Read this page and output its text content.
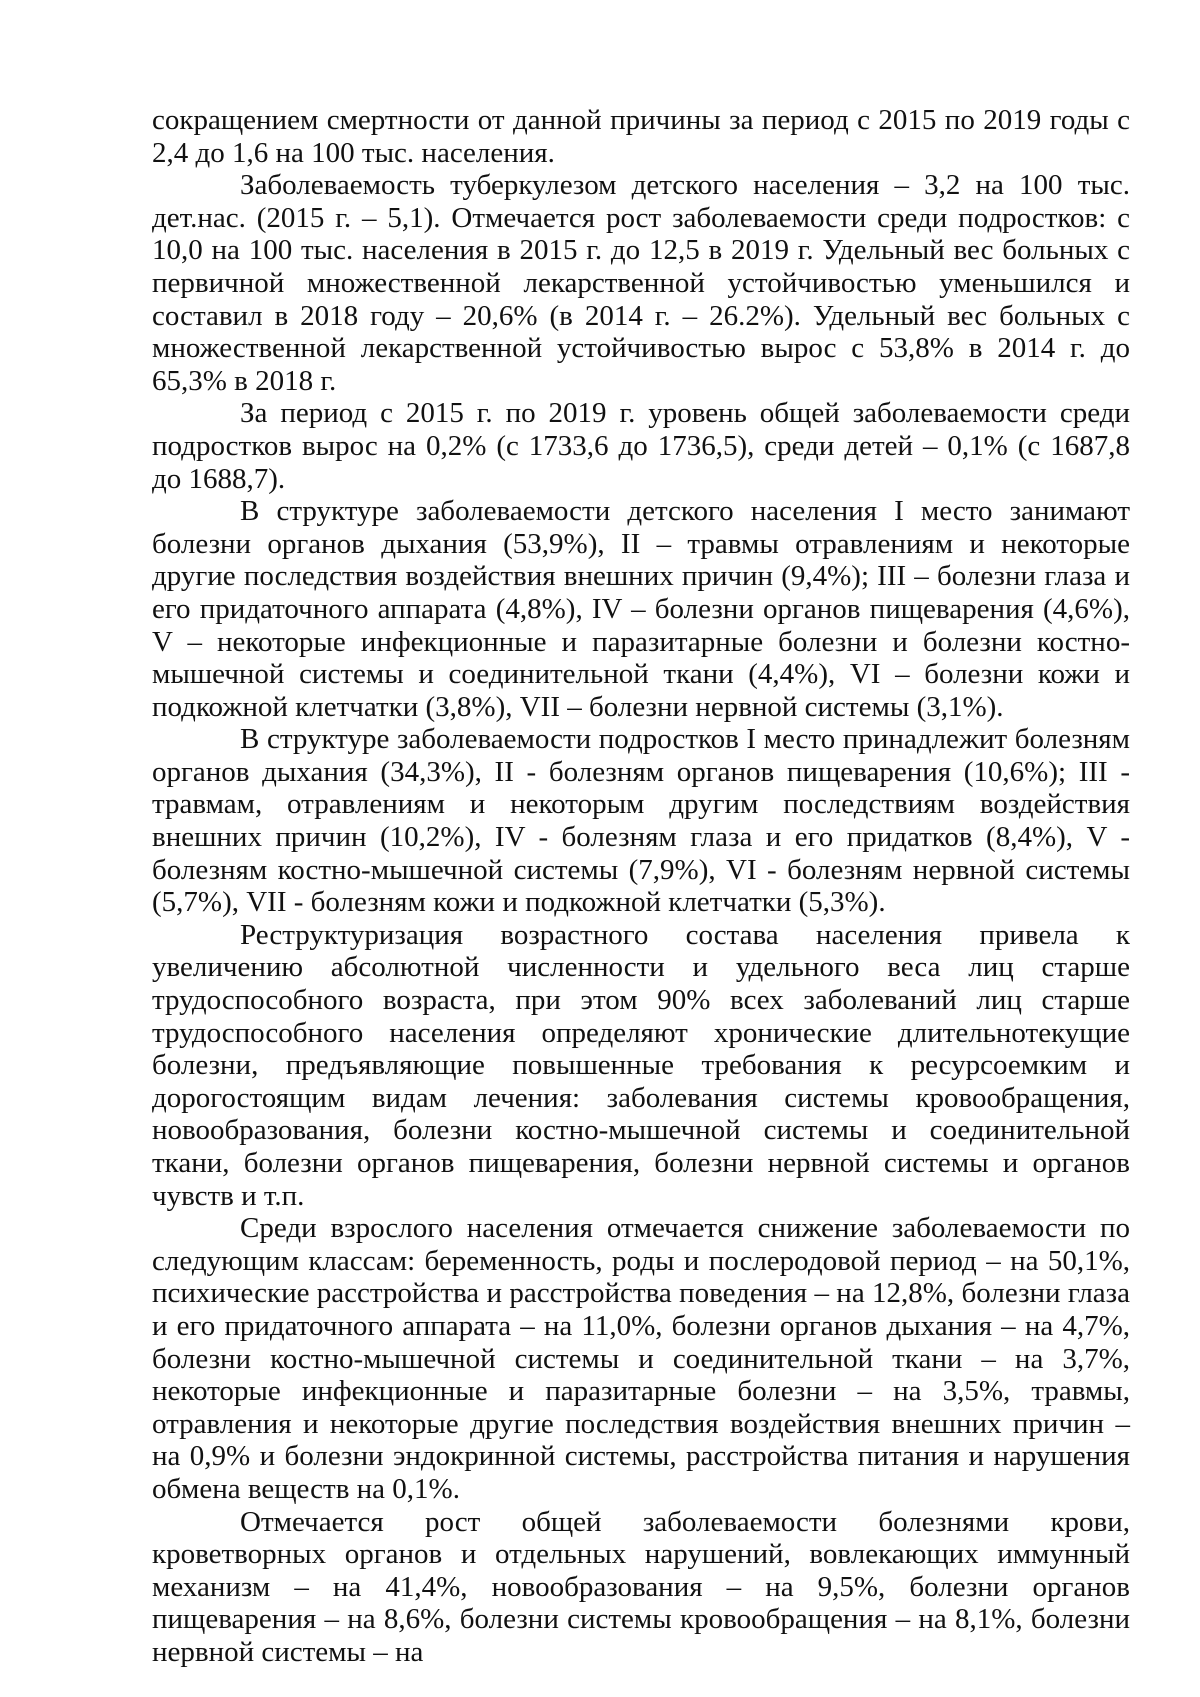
сокращением смертности от данной причины за период с 2015 по 2019 годы с 2,4 до 1,6 на 100 тыс. населения.

Заболеваемость туберкулезом детского населения – 3,2 на 100 тыс. дет.нас. (2015 г. – 5,1). Отмечается рост заболеваемости среди подростков: с 10,0 на 100 тыс. населения в 2015 г. до 12,5 в 2019 г. Удельный вес больных с первичной множественной лекарственной устойчивостью уменьшился и составил в 2018 году – 20,6% (в 2014 г. – 26.2%). Удельный вес больных с множественной лекарственной устойчивостью вырос с 53,8% в 2014 г. до 65,3% в 2018 г.

За период с 2015 г. по 2019 г. уровень общей заболеваемости среди подростков вырос на 0,2% (с 1733,6 до 1736,5), среди детей – 0,1% (с 1687,8 до 1688,7).

В структуре заболеваемости детского населения I место занимают болезни органов дыхания (53,9%), II – травмы отравлениям и некоторые другие последствия воздействия внешних причин (9,4%); III – болезни глаза и его придаточного аппарата (4,8%), IV – болезни органов пищеварения (4,6%), V – некоторые инфекционные и паразитарные болезни и болезни костно-мышечной системы и соединительной ткани (4,4%), VI – болезни кожи и подкожной клетчатки (3,8%), VII – болезни нервной системы (3,1%).

В структуре заболеваемости подростков I место принадлежит болезням органов дыхания (34,3%), II - болезням органов пищеварения (10,6%); III - травмам, отравлениям и некоторым другим последствиям воздействия внешних причин (10,2%), IV - болезням глаза и его придатков (8,4%), V - болезням костно-мышечной системы (7,9%), VI - болезням нервной системы (5,7%), VII - болезням кожи и подкожной клетчатки (5,3%).

Реструктуризация возрастного состава населения привела к увеличению абсолютной численности и удельного веса лиц старше трудоспособного возраста, при этом 90% всех заболеваний лиц старше трудоспособного населения определяют хронические длительнотекущие болезни, предъявляющие повышенные требования к ресурсоемким и дорогостоящим видам лечения: заболевания системы кровообращения, новообразования, болезни костно-мышечной системы и соединительной ткани, болезни органов пищеварения, болезни нервной системы и органов чувств и т.п.

Среди взрослого населения отмечается снижение заболеваемости по следующим классам: беременность, роды и послеродовой период – на 50,1%, психические расстройства и расстройства поведения – на 12,8%, болезни глаза и его придаточного аппарата – на 11,0%, болезни органов дыхания – на 4,7%, болезни костно-мышечной системы и соединительной ткани – на 3,7%, некоторые инфекционные и паразитарные болезни – на 3,5%, травмы, отравления и некоторые другие последствия воздействия внешних причин – на 0,9% и болезни эндокринной системы, расстройства питания и нарушения обмена веществ на 0,1%.

Отмечается рост общей заболеваемости болезнями крови, кроветворных органов и отдельных нарушений, вовлекающих иммунный механизм – на 41,4%, новообразования – на 9,5%, болезни органов пищеварения – на 8,6%, болезни системы кровообращения – на 8,1%, болезни нервной системы – на
